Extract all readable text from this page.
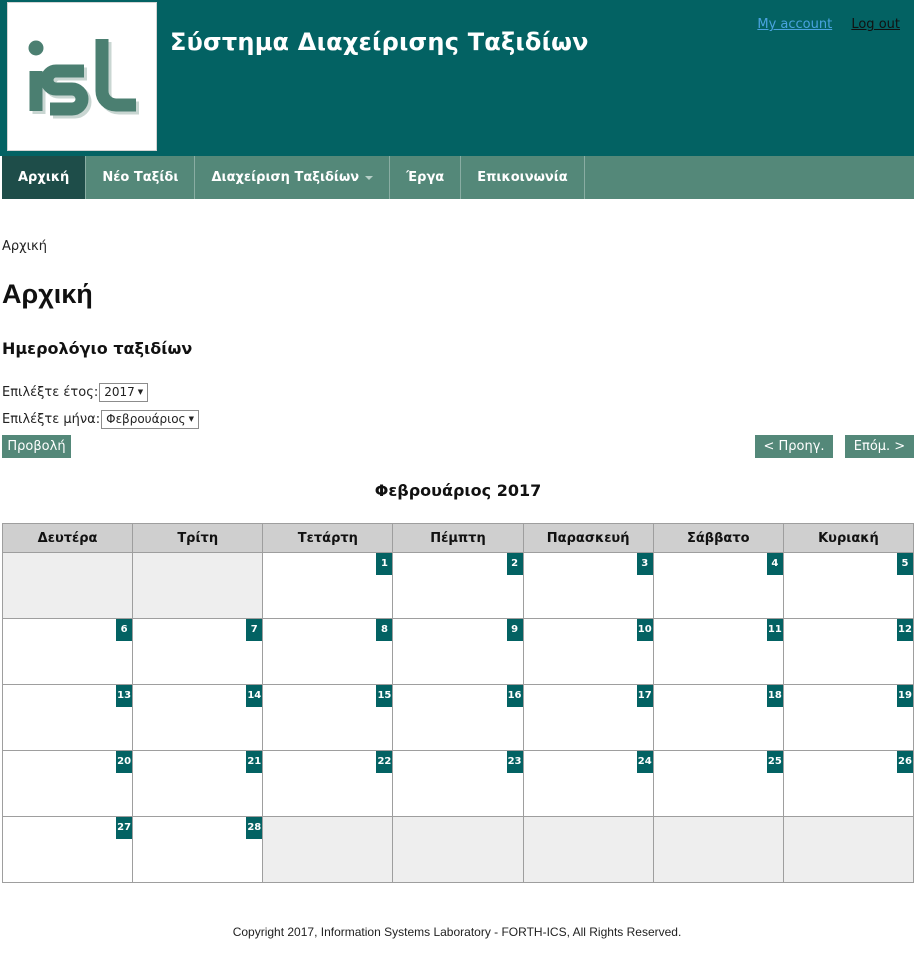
Σύστημα Διαχείρισης Ταξιδίων
My account Log out
Αρχική	Νέο Ταξίδι	Διαχείριση Ταξιδίων	Έργα	Επικοινωνία
Αρχική
Αρχική
Ημερολόγιο ταξιδίων
Επιλέξτε έτος: 2017 ▼
Επιλέξτε μήνα: Φεβρουάριος ▼
Προβολή	< Προηγ.	Επόμ. >
Φεβρουάριος 2017
Δευτέρα	Τρίτη	Τετάρτη	Πέμπτη	Παρασκευή	Σάββατο	Κυριακή

		1	2	3	4	5

6	7	8	9	10	11	12

13	14	15	16	17	18	19

20	21	22	23	24	25	26

27	28					

Copyright 2017, Information Systems Laboratory - FORTH-ICS, All Rights Reserved.
